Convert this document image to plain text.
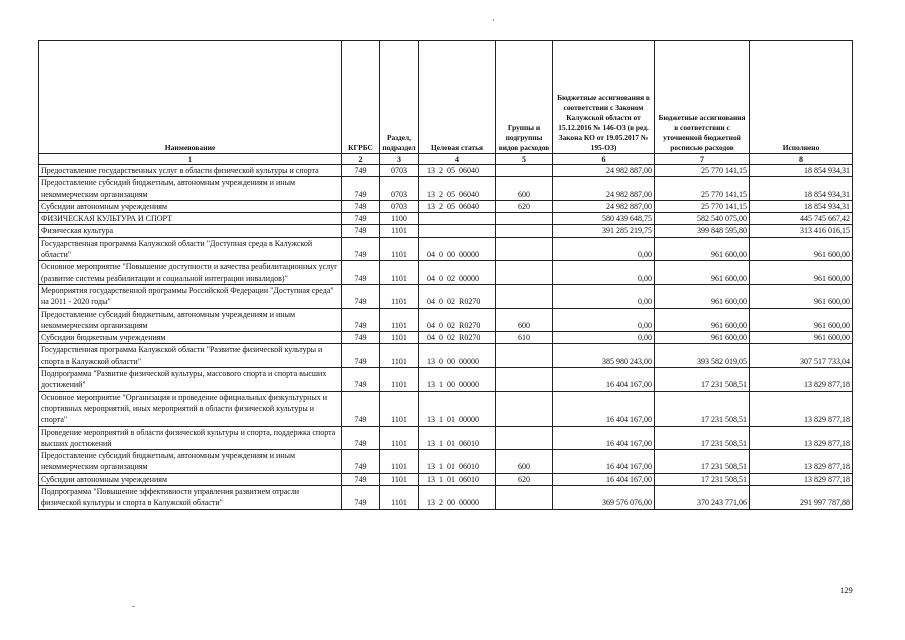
Наименование	КГРБС	Раздел, подраздел	Целевая статья	Группы и подгруппы видов расходов	Бюджетные ассигнования в соответствии с Законом Калужской области от 15.12.2016 № 146-ОЗ (в ред. Закона КО от 19.05.2017 № 195-ОЗ)	Бюджетные ассигнования в соответствии с уточненной бюджетной росписью расходов	Исполнено
1	2	3	4	5	6	7	8
Предоставление государственных услуг в области физической культуры и спорта	749	0703	13  2  05  06040		24 982 887,00	25 770 141,15	18 854 934,31
Предоставление субсидий бюджетным, автономным учреждениям и иным некоммерческим организациям	749	0703	13  2  05  06040	600	24 982 887,00	25 770 141,15	18 854 934,31
Субсидии автономным учреждениям	749	0703	13  2  05  06040	620	24 982 887,00	25 770 141,15	18 854 934,31
ФИЗИЧЕСКАЯ КУЛЬТУРА И СПОРТ	749	1100			580 439 648,75	582 540 075,00	445 745 667,42
Физическая культура	749	1101			391 285 219,75	399 848 595,80	313 416 016,15
Государственная программа Калужской области "Доступная среда в Калужской области"	749	1101	04  0  00  00000		0,00	961 600,00	961 600,00
Основное мероприятие "Повышение доступности и качества реабилитационных услуг (развитие системы реабилитации и социальной интеграции инвалидов)"	749	1101	04  0  02  00000		0,00	961 600,00	961 600,00
Мероприятия государственной программы Российской Федерации "Доступная среда" на 2011 - 2020 годы"	749	1101	04  0  02  R0270		0,00	961 600,00	961 600,00
Предоставление субсидий бюджетным, автономным учреждениям и иным некоммерческим организациям	749	1101	04  0  02  R0270	600	0,00	961 600,00	961 600,00
Субсидии бюджетным учреждениям	749	1101	04  0  02  R0270	610	0,00	961 600,00	961 600,00
Государственная программа Калужской области "Развитие физической культуры и спорта в Калужской области"	749	1101	13  0  00  00000		385 980 243,00	393 582 019,05	307 517 733,04
Подпрограмма "Развитие физической культуры, массового спорта и спорта высших достижений"	749	1101	13  1  00  00000		16 404 167,00	17 231 508,51	13 829 877,18
Основное мероприятие "Организация и проведение официальных физкультурных и спортивных мероприятий, иных мероприятий в области физической культуры и спорта"	749	1101	13  1  01  00000		16 404 167,00	17 231 508,51	13 829 877,18
Проведение мероприятий в области физической культуры и спорта, поддержка спорта высших достижений	749	1101	13  1  01  06010		16 404 167,00	17 231 508,51	13 829 877,18
Предоставление субсидий бюджетным, автономным учреждениям и иным некоммерческим организациям	749	1101	13  1  01  06010	600	16 404 167,00	17 231 508,51	13 829 877,18
Субсидии автономным учреждениям	749	1101	13  1  01  06010	620	16 404 167,00	17 231 508,51	13 829 877,18
Подпрограмма "Повышение эффективности управления развитием отрасли физической культуры и спорта в Калужской области"	749	1101	13  2  00  00000		369 576 076,00	370 243 771,06	291 997 787,88
129
